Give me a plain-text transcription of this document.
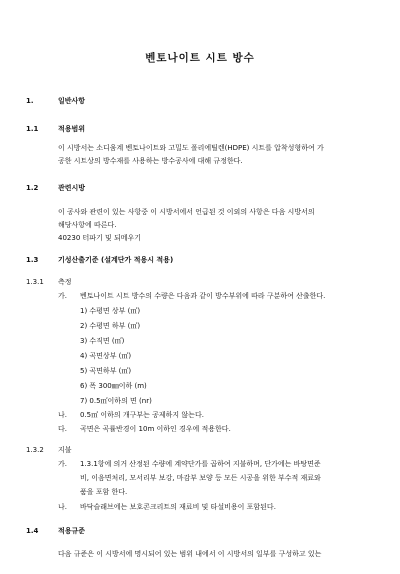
벤토나이트 시트 방수
1.	일반사항
1.1	적용범위
이 시방서는 소디움계 벤토나이트와 고밀도 폴리에틸렌(HDPE) 시트를 압착성형하여 가
공한 시트상의 방수재를 사용하는 방수공사에 대해 규정한다.
1.2	관련시방
이 공사와 관련이 있는 사항중 이 시방서에서 언급된 것 이외의 사항은 다음 시방서의
해당사항에 따른다.
40230 터파기 및 되메우기
1.3	기성산출기준 (설계단가 적용시 적용)
1.3.1 측정
가. 벤토나이트 시트 방수의 수량은 다음과 같이 방수부위에 따라 구분하여 산출한다.
1) 수평면 상부 (㎡)
2) 수평면 하부 (㎡)
3) 수직면 (㎡)
4) 곡면상부 (㎡)
5) 곡면하부 (㎡)
6) 폭 300㎜이하 (m)
7) 0.5㎡이하의 면 (nr)
나. 0.5㎡ 이하의 개구부는 공제하지 않는다.
다. 곡면은 곡률반경이 10m 이하인 경우에 적용한다.
1.3.2 지불
가. 1.3.1항에 의거 산정된 수량에 계약단가를 곱하여 지불하며, 단가에는 바탕면준
비, 이음면처리, 모서리부 보강, 마감부 보양 등 모든 시공을 위한 부수적 재료와
품을 포함 한다.
나. 바닥슬래브에는 보호콘크리트의 재료비 및 타설비용이 포함된다.
1.4	적용규준
다음 규준은 이 시방서에 명시되어 있는 범위 내에서 이 시방서의 일부를 구성하고 있는
